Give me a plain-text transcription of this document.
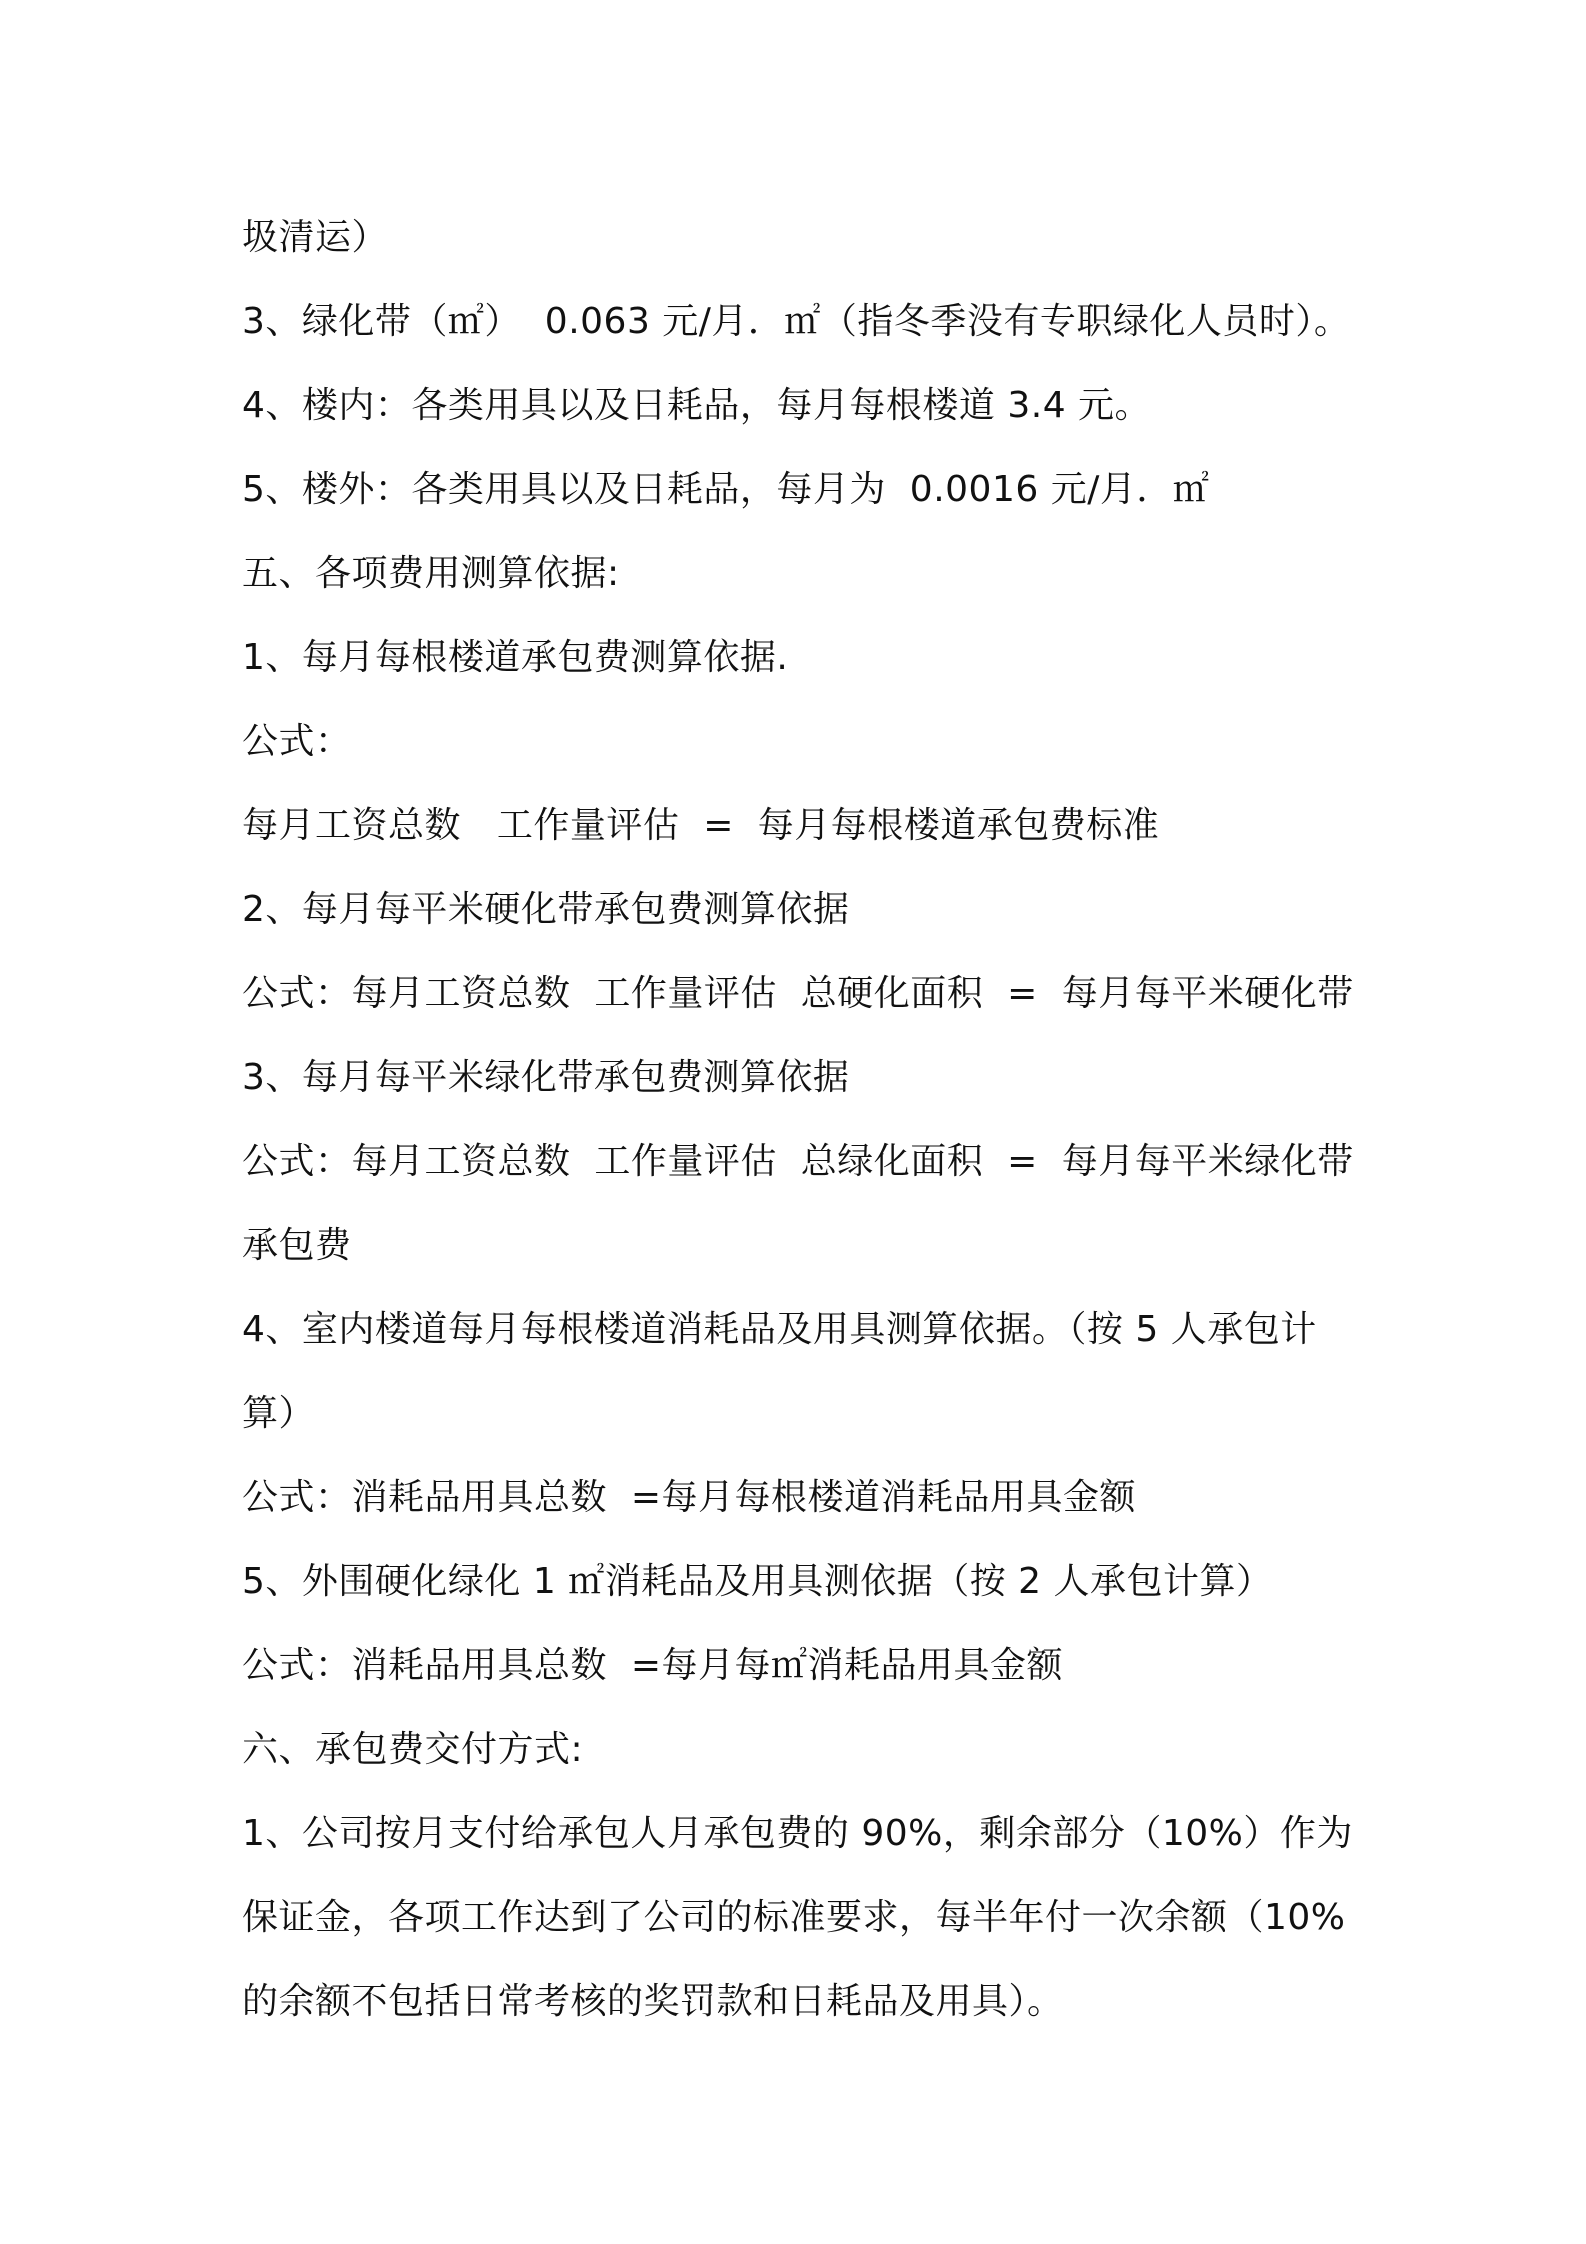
圾清运）
3、绿化带（㎡）  0.063 元/月．㎡（指冬季没有专职绿化人员时）。
4、楼内：各类用具以及日耗品，每月每根楼道 3.4 元。
5、楼外：各类用具以及日耗品，每月为  0.0016 元/月．㎡
五、各项费用测算依据:
1、每月每根楼道承包费测算依据.
公式：
每月工资总数   工作量评估  =  每月每根楼道承包费标准
2、每月每平米硬化带承包费测算依据
公式：每月工资总数  工作量评估  总硬化面积  =  每月每平米硬化带
3、每月每平米绿化带承包费测算依据
公式：每月工资总数  工作量评估  总绿化面积  =  每月每平米绿化带
承包费
4、室内楼道每月每根楼道消耗品及用具测算依据。（按 5 人承包计
算）
公式：消耗品用具总数  =每月每根楼道消耗品用具金额
5、外围硬化绿化 1 ㎡消耗品及用具测依据（按 2 人承包计算）
公式：消耗品用具总数  =每月每㎡消耗品用具金额
六、承包费交付方式:
1、公司按月支付给承包人月承包费的 90%，剩余部分（10%）作为
保证金，各项工作达到了公司的标准要求，每半年付一次余额（10%
的余额不包括日常考核的奖罚款和日耗品及用具）。
